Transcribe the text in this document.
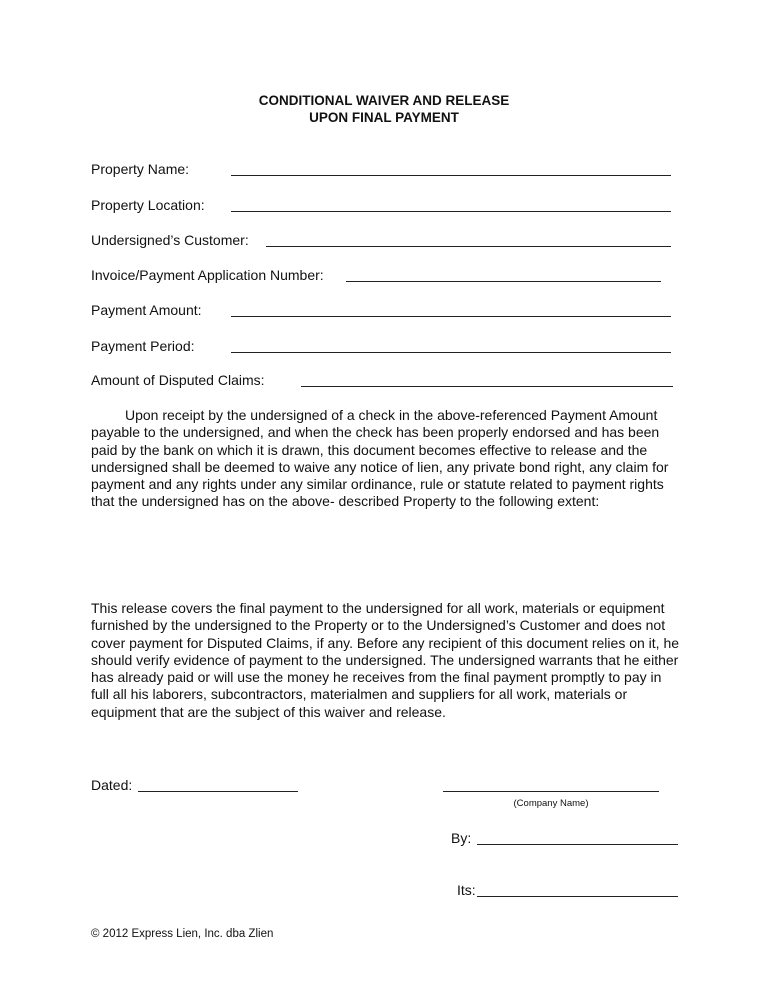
CONDITIONAL WAIVER AND RELEASE
UPON FINAL PAYMENT
Property Name:
Property Location:
Undersigned’s Customer:
Invoice/Payment Application Number:
Payment Amount:
Payment Period:
Amount of Disputed Claims:

Upon receipt by the undersigned of a check in the above-referenced Payment Amount payable to the undersigned, and when the check has been properly endorsed and has been paid by the bank on which it is drawn, this document becomes effective to release and the undersigned shall be deemed to waive any notice of lien, any private bond right, any claim for payment and any rights under any similar ordinance, rule or statute related to payment rights that the undersigned has on the above- described Property to the following extent:

This release covers the final payment to the undersigned for all work, materials or equipment furnished by the undersigned to the Property or to the Undersigned’s Customer and does not cover payment for Disputed Claims, if any. Before any recipient of this document relies on it, he should verify evidence of payment to the undersigned. The undersigned warrants that he either has already paid or will use the money he receives from the final payment promptly to pay in full all his laborers, subcontractors, materialmen and suppliers for all work, materials or equipment that are the subject of this waiver and release.

Dated:
(Company Name)
By:
Its:
© 2012 Express Lien, Inc. dba Zlien
